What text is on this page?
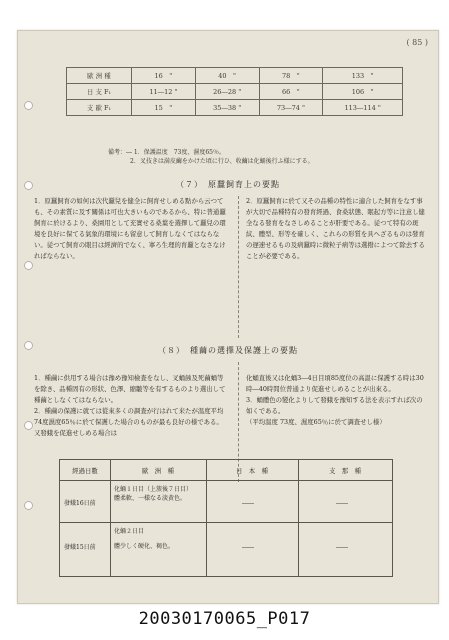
( 85 )
歐 洲 種	16　"	40　"	78　"	133　"
日 支 F₁	11―12 "	26―28 "	66　"	106　"
支 歐 F₁	15　"	35―38 "	73―74 "	113―114 "
備考：― 1．保護温度　73度、濕度65％。
2．叉技きは満皮繭をかけた頃に行ひ、收繭は化蛹後行ふ様にする。
（７）　原蠶飼育上の要點

1．原蠶飼育の如何は次代蠶兒を健全に飼育せしめる點から云つても、その素質に及す關係は可也大きいものであるから、特に普通蠶飼育に於けるより、桑園用として充實せる桑葉を選擇して蠶兒の環境を良好に保てる氣象的環境にも留意して飼育しなくてはならない。従つて飼育の眼目は經濟的でなく、寧ろ生理的育蠶となさなければならない。

2．原蠶飼育に於て又その品種の特性に適合した飼育をなす事が大切で品種特有の發育經過、食桑狀態、眠起方等に注意し健全なる發育をなさしめることが肝要である。従つて特有の斑紋、體型、形等を確しく、これらの形質を具へざるものは發育の遅速せるもの及病蠶時に微粒子病等は選撥によつて除去することが必要である。

（８）　種繭の選擇及保護上の要點

1．種繭に供用する場合は豫め豫知檢査をなし、叉蛹蝕及死繭蛹等を除き、品種固有の形狀、色澤、縮皺等を有するものより選出して種繭としなくてはならない。
2．種繭の保護に就ては從來多くの調査が行はれて来たが温度平均74度濕度65％に於て保護した場合のものが最も良好の様である。又發蛾を促進せしめる場合は

化蛹直後又は化蛹3―4日目頃85度位の高温に保護する時は30時―40時間位普通より促進せしめることが出來る。
3．蛹體色の變化よりして發蛾を豫知する法を表示すれば次の如くである。
（平均温度 73度、濕度65％に於て調査せし様）

經過日數	歐　洲　種	日　本　種	支　那　種
發蛾16日前
化蛹１日目（上簇後７日目）
體柔軟、一様なる淡黄色。
――	――
發蛾15日前
化蛹２日目
體少しく硬化、褐色。	――	――
20030170065_P017
